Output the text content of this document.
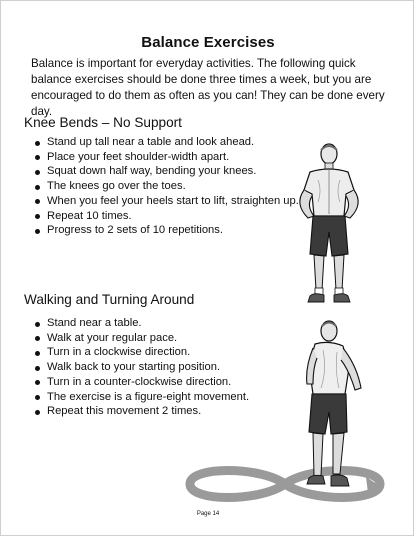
Balance Exercises
Balance is important for everyday activities. The following quick balance exercises should be done three times a week, but you are encouraged to do them as often as you can! They can be done every day.
Knee Bends – No Support
Stand up tall near a table and look ahead.
Place your feet shoulder-width apart.
Squat down half way, bending your knees.
The knees go over the toes.
When you feel your heels start to lift, straighten up.
Repeat 10 times.
Progress to 2 sets of 10 repetitions.
Walking and Turning Around
Stand near a table.
Walk at your regular pace.
Turn in a clockwise direction.
Walk back to your starting position.
Turn in a counter-clockwise direction.
The exercise is a figure-eight movement.
Repeat this movement 2 times.
Page 14
